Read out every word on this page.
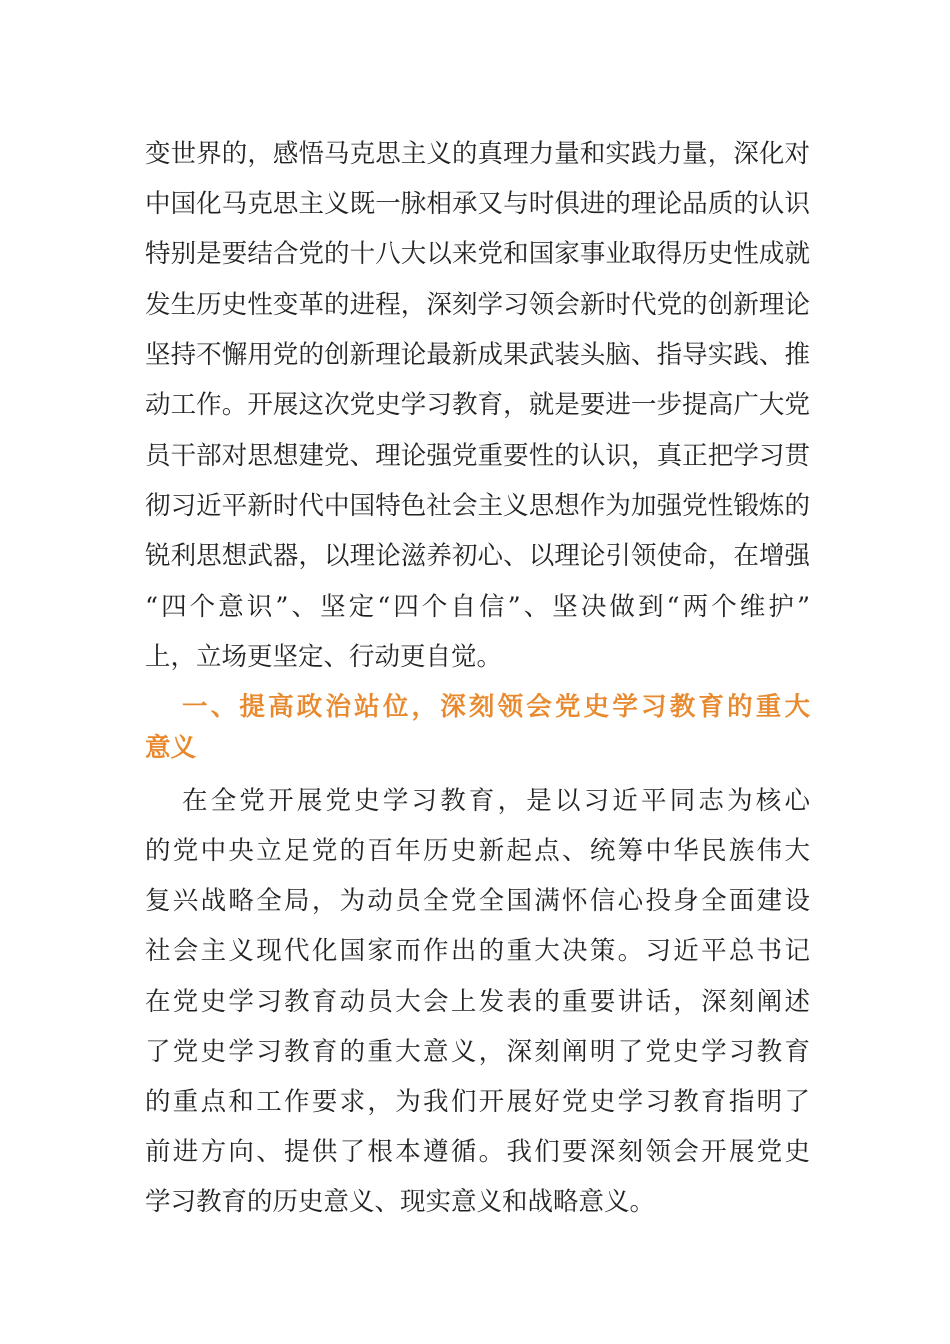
变世界的，感悟马克思主义的真理力量和实践力量，深化对
中国化马克思主义既一脉相承又与时俱进的理论品质的认识
特别是要结合党的十八大以来党和国家事业取得历史性成就
发生历史性变革的进程，深刻学习领会新时代党的创新理论
坚持不懈用党的创新理论最新成果武装头脑、指导实践、推
动工作。开展这次党史学习教育，就是要进一步提高广大党
员干部对思想建党、理论强党重要性的认识，真正把学习贯
彻习近平新时代中国特色社会主义思想作为加强党性锻炼的
锐利思想武器，以理论滋养初心、以理论引领使命，在增强
“四个意识”、坚定“四个自信”、坚决做到“两个维护”
上，立场更坚定、行动更自觉。
一、提高政治站位，深刻领会党史学习教育的重大
意义
在全党开展党史学习教育，是以习近平同志为核心
的党中央立足党的百年历史新起点、统筹中华民族伟大
复兴战略全局，为动员全党全国满怀信心投身全面建设
社会主义现代化国家而作出的重大决策。习近平总书记
在党史学习教育动员大会上发表的重要讲话，深刻阐述
了党史学习教育的重大意义，深刻阐明了党史学习教育
的重点和工作要求，为我们开展好党史学习教育指明了
前进方向、提供了根本遵循。我们要深刻领会开展党史
学习教育的历史意义、现实意义和战略意义。
